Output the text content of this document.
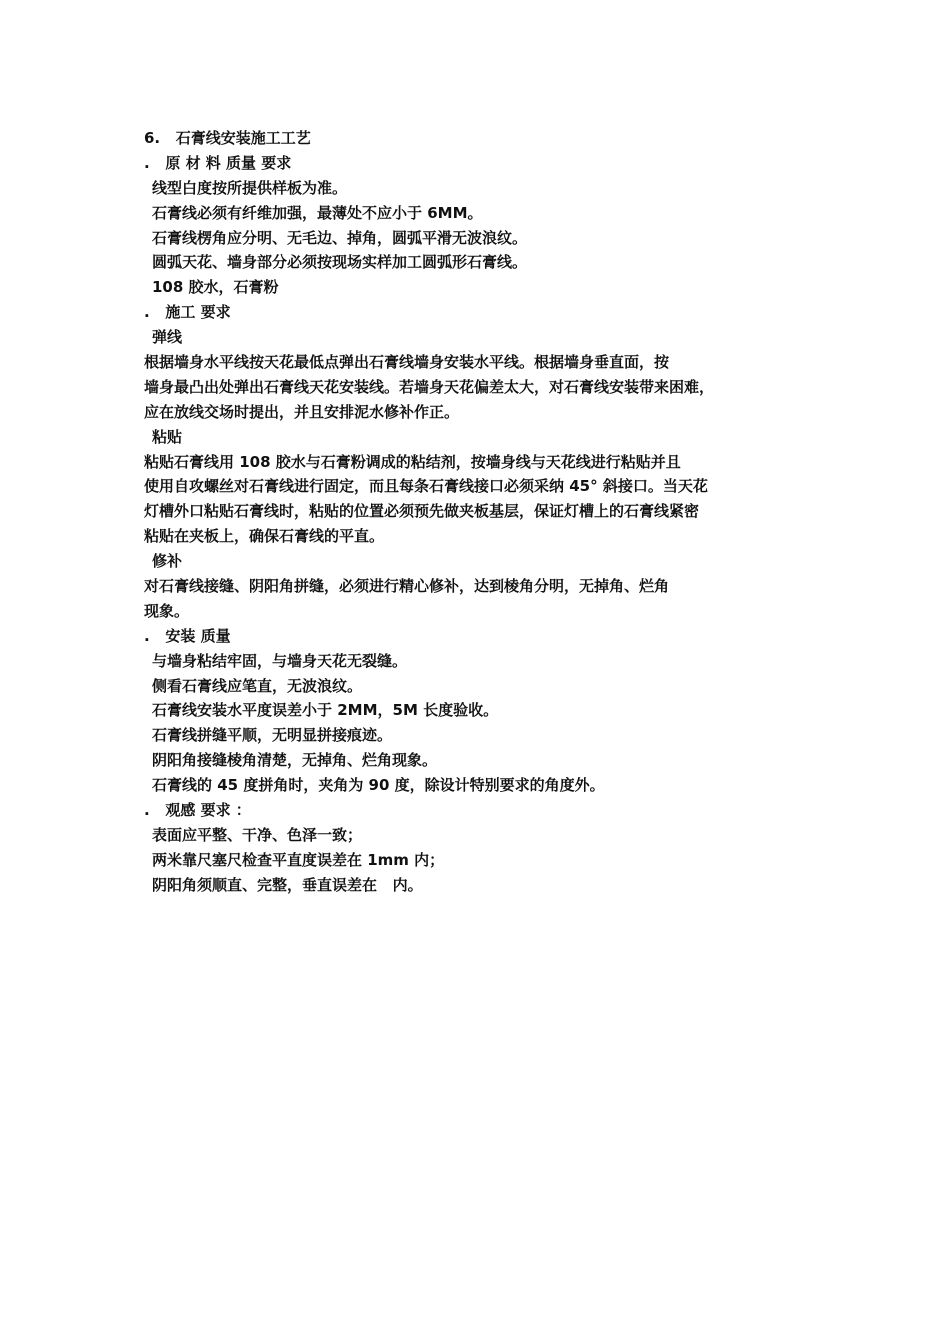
6.   石膏线安装施工工艺
.   原 材 料 质量 要求
线型白度按所提供样板为准。
石膏线必须有纤维加强，最薄处不应小于 6MM。
石膏线楞角应分明、无毛边、掉角，圆弧平滑无波浪纹。
圆弧天花、墙身部分必须按现场实样加工圆弧形石膏线。
108 胶水，石膏粉
.   施工 要求
弹线
根据墙身水平线按天花最低点弹出石膏线墙身安装水平线。根据墙身垂直面，按
墙身最凸出处弹出石膏线天花安装线。若墙身天花偏差太大，对石膏线安装带来困难，
应在放线交场时提出，并且安排泥水修补作正。
粘贴
粘贴石膏线用 108 胶水与石膏粉调成的粘结剂，按墙身线与天花线进行粘贴并且
使用自攻螺丝对石膏线进行固定，而且每条石膏线接口必须采纳 45° 斜接口。当天花
灯槽外口粘贴石膏线时，粘贴的位置必须预先做夹板基层，保证灯槽上的石膏线紧密
粘贴在夹板上，确保石膏线的平直。
修补
对石膏线接缝、阴阳角拼缝，必须进行精心修补，达到棱角分明，无掉角、烂角
现象。
.   安装 质量
与墙身粘结牢固，与墙身天花无裂缝。
侧看石膏线应笔直，无波浪纹。
石膏线安装水平度误差小于 2MM，5M 长度验收。
石膏线拼缝平顺，无明显拼接痕迹。
阴阳角接缝棱角清楚，无掉角、烂角现象。
石膏线的 45 度拼角时，夹角为 90 度，除设计特别要求的角度外。
.   观感 要求 ：
表面应平整、干净、色泽一致；
两米靠尺塞尺检查平直度误差在 1mm 内；
阴阳角须顺直、完整，垂直误差在   内。
